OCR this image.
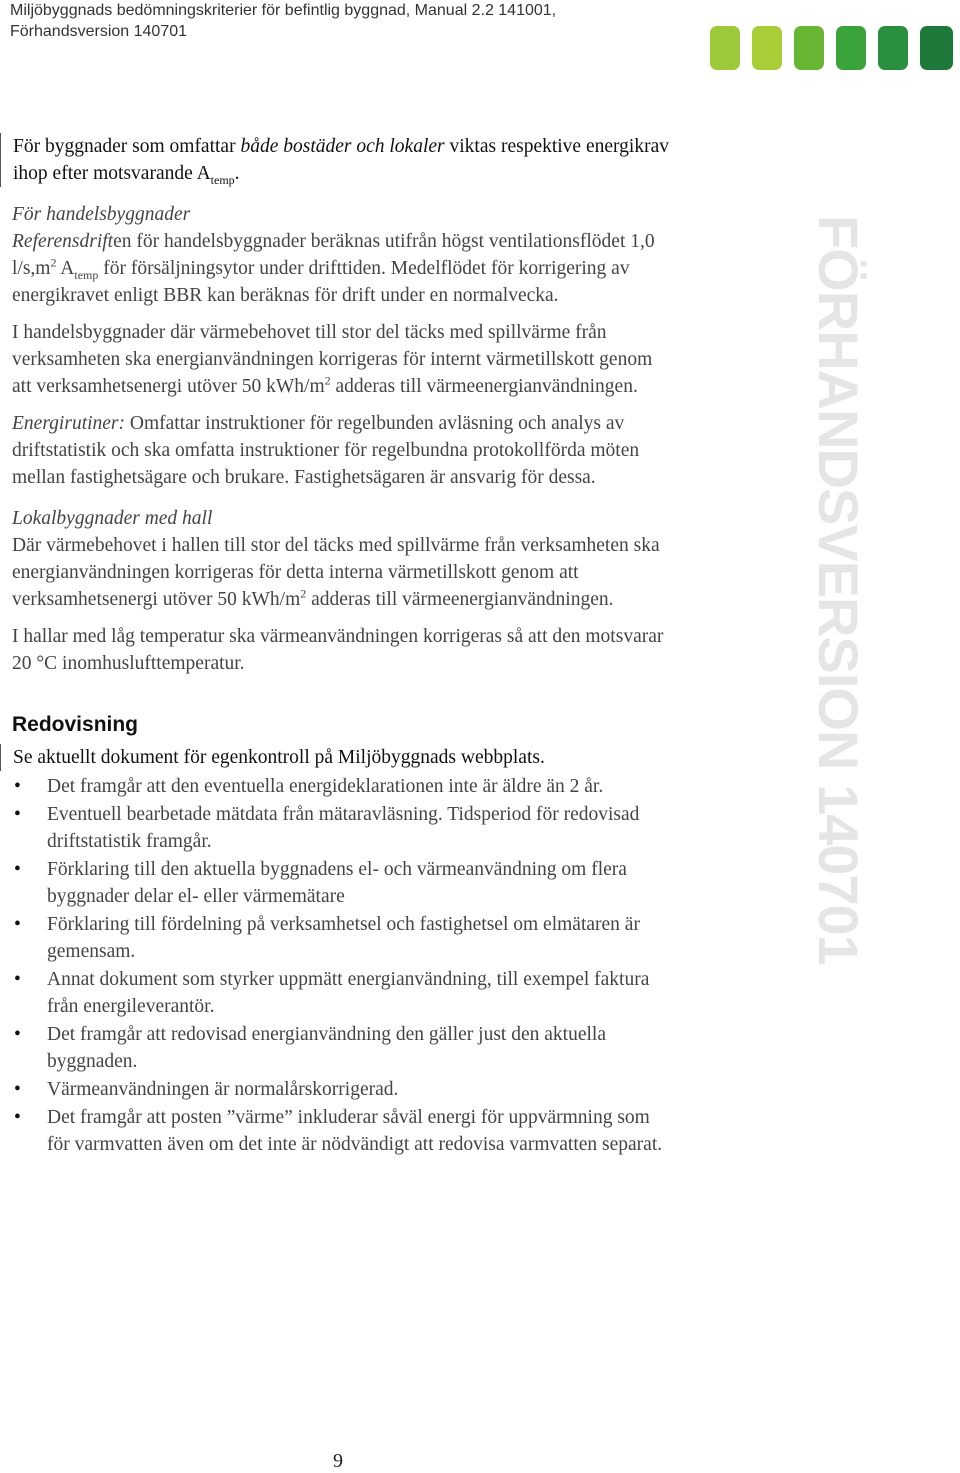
Miljöbyggnads bedömningskriterier för befintlig byggnad, Manual 2.2 141001,
Förhandsversion 140701
FÖRHANDSVERSION 140701

För byggnader som omfattar både bostäder och lokaler viktas respektive energikrav ihop efter motsvarande $A_{temp}$.

För handelsbyggnader
Referensdriften för handelsbyggnader beräknas utifrån högst ventilationsflödet 1,0 $l/s,m^2$ $A_{temp}$ för försäljningsytor under drifttiden. Medelflödet för korrigering av energikravet enligt BBR kan beräknas för drift under en normalvecka.

I handelsbyggnader där värmebehovet till stor del täcks med spillvärme från verksamheten ska energianvändningen korrigeras för internt värmetillskott genom att verksamhetsenergi utöver 50 kWh/$m^2$ adderas till värmeenergianvändningen.

Energirutiner: Omfattar instruktioner för regelbunden avläsning och analys av driftstatistik och ska omfatta instruktioner för regelbundna protokollförda möten mellan fastighetsägare och brukare. Fastighetsägaren är ansvarig för dessa.

Lokalbyggnader med hall
Där värmebehovet i hallen till stor del täcks med spillvärme från verksamheten ska energianvändningen korrigeras för detta interna värmetillskott genom att verksamhetsenergi utöver 50 kWh/$m^2$ adderas till värmeenergianvändningen.

I hallar med låg temperatur ska värmeanvändningen korrigeras så att den motsvarar 20 °C inomhuslufttemperatur.

Redovisning
Se aktuellt dokument för egenkontroll på Miljöbyggnads webbplats.
• Det framgår att den eventuella energideklarationen inte är äldre än 2 år.
• Eventuell bearbetade mätdata från mätaravläsning. Tidsperiod för redovisad driftstatistik framgår.
• Förklaring till den aktuella byggnadens el- och värmeanvändning om flera byggnader delar el- eller värmemätare
• Förklaring till fördelning på verksamhetsel och fastighetsel om elmätaren är gemensam.
• Annat dokument som styrker uppmätt energianvändning, till exempel faktura från energileverantör.
• Det framgår att redovisad energianvändning den gäller just den aktuella byggnaden.
• Värmeanvändningen är normalårskorrigerad.
• Det framgår att posten ”värme” inkluderar såväl energi för uppvärmning som för varmvatten även om det inte är nödvändigt att redovisa varmvatten separat.
9
